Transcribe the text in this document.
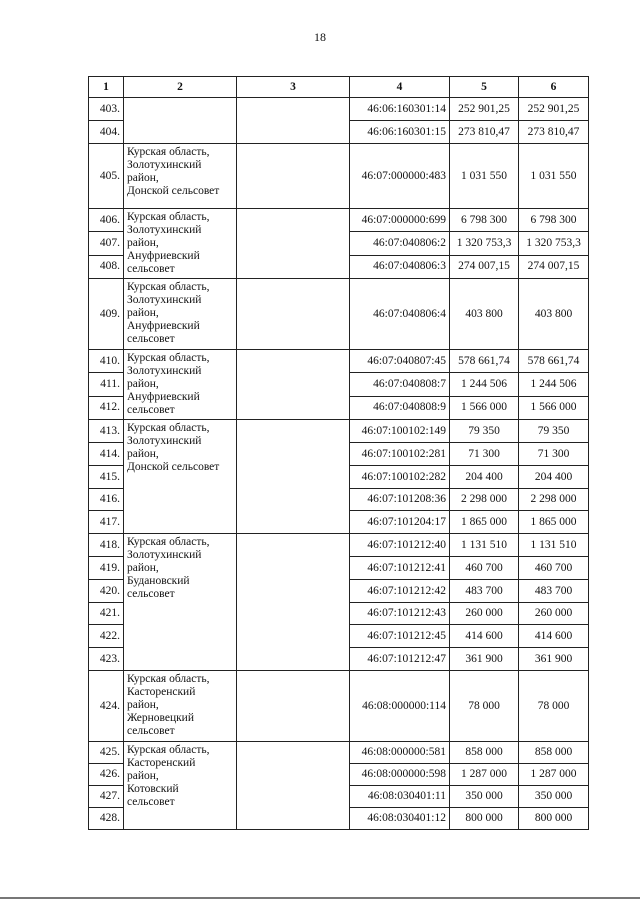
18
1	2	3	4	5	6
403.			46:06:160301:14	252 901,25	252 901,25
404.			46:06:160301:15	273 810,47	273 810,47
405.	Курская область,
Золотухинский
район,
Донской сельсовет		46:07:000000:483	1 031 550	1 031 550
406.	Курская область,
Золотухинский
район,
Ануфриевский
сельсовет		46:07:000000:699	6 798 300	6 798 300
407.			46:07:040806:2	1 320 753,3	1 320 753,3
408.			46:07:040806:3	274 007,15	274 007,15
409.	Курская область,
Золотухинский
район,
Ануфриевский
сельсовет		46:07:040806:4	403 800	403 800
410.	Курская область,
Золотухинский
район,
Ануфриевский
сельсовет		46:07:040807:45	578 661,74	578 661,74
411.			46:07:040808:7	1 244 506	1 244 506
412.			46:07:040808:9	1 566 000	1 566 000
413.	Курская область,
Золотухинский
район,
Донской сельсовет		46:07:100102:149	79 350	79 350
414.			46:07:100102:281	71 300	71 300
415.			46:07:100102:282	204 400	204 400
416.			46:07:101208:36	2 298 000	2 298 000
417.			46:07:101204:17	1 865 000	1 865 000
418.	Курская область,
Золотухинский
район,
Будановский
сельсовет		46:07:101212:40	1 131 510	1 131 510
419.			46:07:101212:41	460 700	460 700
420.			46:07:101212:42	483 700	483 700
421.			46:07:101212:43	260 000	260 000
422.			46:07:101212:45	414 600	414 600
423.			46:07:101212:47	361 900	361 900
424.	Курская область,
Касторенский
район,
Жерновецкий
сельсовет		46:08:000000:114	78 000	78 000
425.	Курская область,
Касторенский
район,
Котовский
сельсовет		46:08:000000:581	858 000	858 000
426.			46:08:000000:598	1 287 000	1 287 000
427.			46:08:030401:11	350 000	350 000
428.			46:08:030401:12	800 000	800 000
